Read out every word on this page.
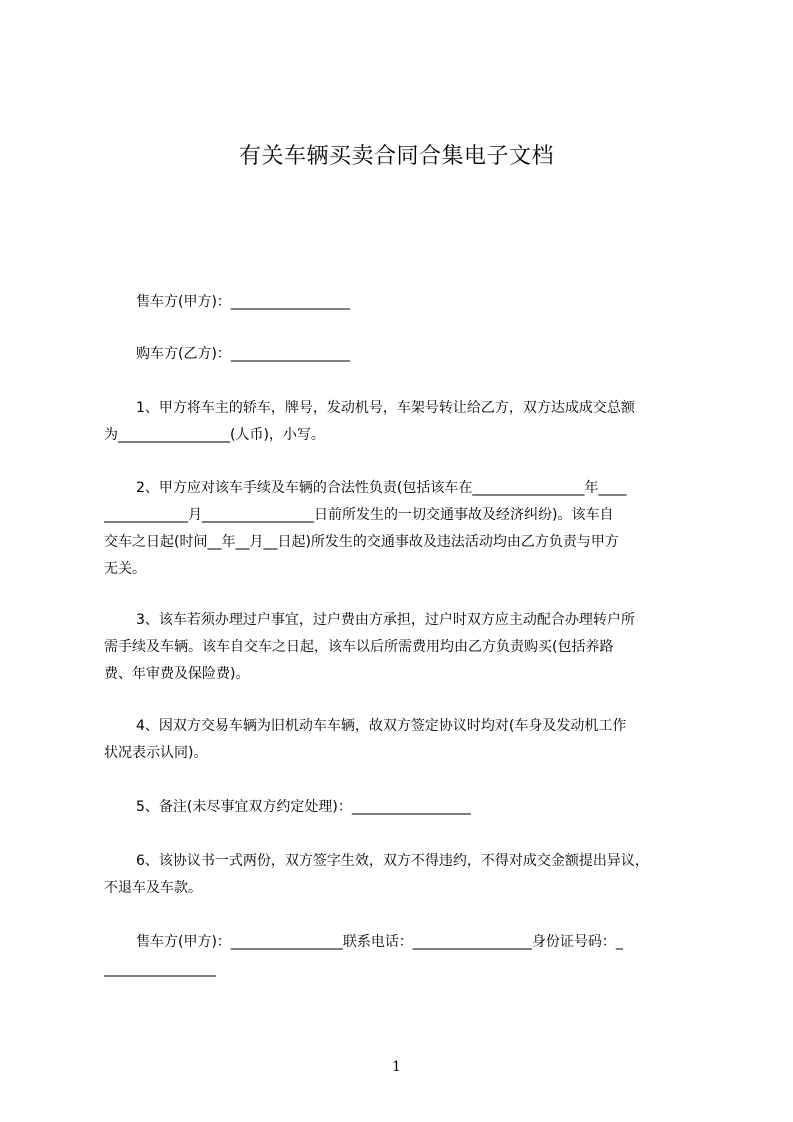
有关车辆买卖合同合集电子文档
售车方(甲方)：_________________
购车方(乙方)：_________________
1、甲方将车主的轿车，牌号，发动机号，车架号转让给乙方，双方达成成交总额
为________________(人币)，小写。
2、甲方应对该车手续及车辆的合法性负责(包括该车在________________年____
____________月________________日前所发生的一切交通事故及经济纠纷)。该车自
交车之日起(时间__年__月__日起)所发生的交通事故及违法活动均由乙方负责与甲方
无关。
3、该车若须办理过户事宜，过户费由方承担，过户时双方应主动配合办理转户所
需手续及车辆。该车自交车之日起，该车以后所需费用均由乙方负责购买(包括养路
费、年审费及保险费)。
4、因双方交易车辆为旧机动车车辆，故双方签定协议时均对(车身及发动机工作
状况表示认同)。
5、备注(未尽事宜双方约定处理)：_________________
6、该协议书一式两份，双方签字生效，双方不得违约，不得对成交金额提出异议，
不退车及车款。
售车方(甲方)：________________联系电话：_________________身份证号码：_
________________
1
